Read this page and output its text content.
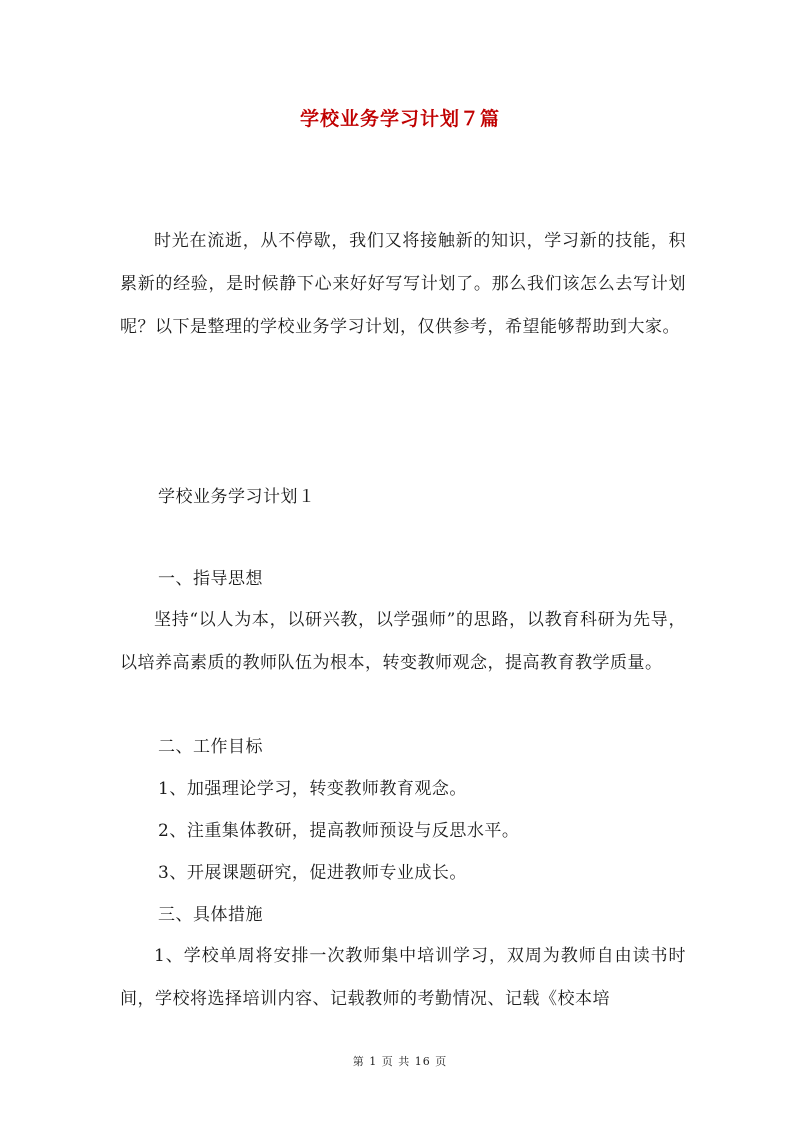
学校业务学习计划７篇

时光在流逝，从不停歇，我们又将接触新的知识，学习新的技能，积累新的经验，是时候静下心来好好写写计划了。那么我们该怎么去写计划呢？以下是整理的学校业务学习计划，仅供参考，希望能够帮助到大家。

学校业务学习计划１
一、指导思想

坚持“以人为本，以研兴教，以学强师”的思路，以教育科研为先导，以培养高素质的教师队伍为根本，转变教师观念，提高教育教学质量。

二、工作目标
1、加强理论学习，转变教师教育观念。
2、注重集体教研，提高教师预设与反思水平。
3、开展课题研究，促进教师专业成长。
三、具体措施

1、学校单周将安排一次教师集中培训学习，双周为教师自由读书时间，学校将选择培训内容、记载教师的考勤情况、记载《校本培

第 1 页 共 16 页
